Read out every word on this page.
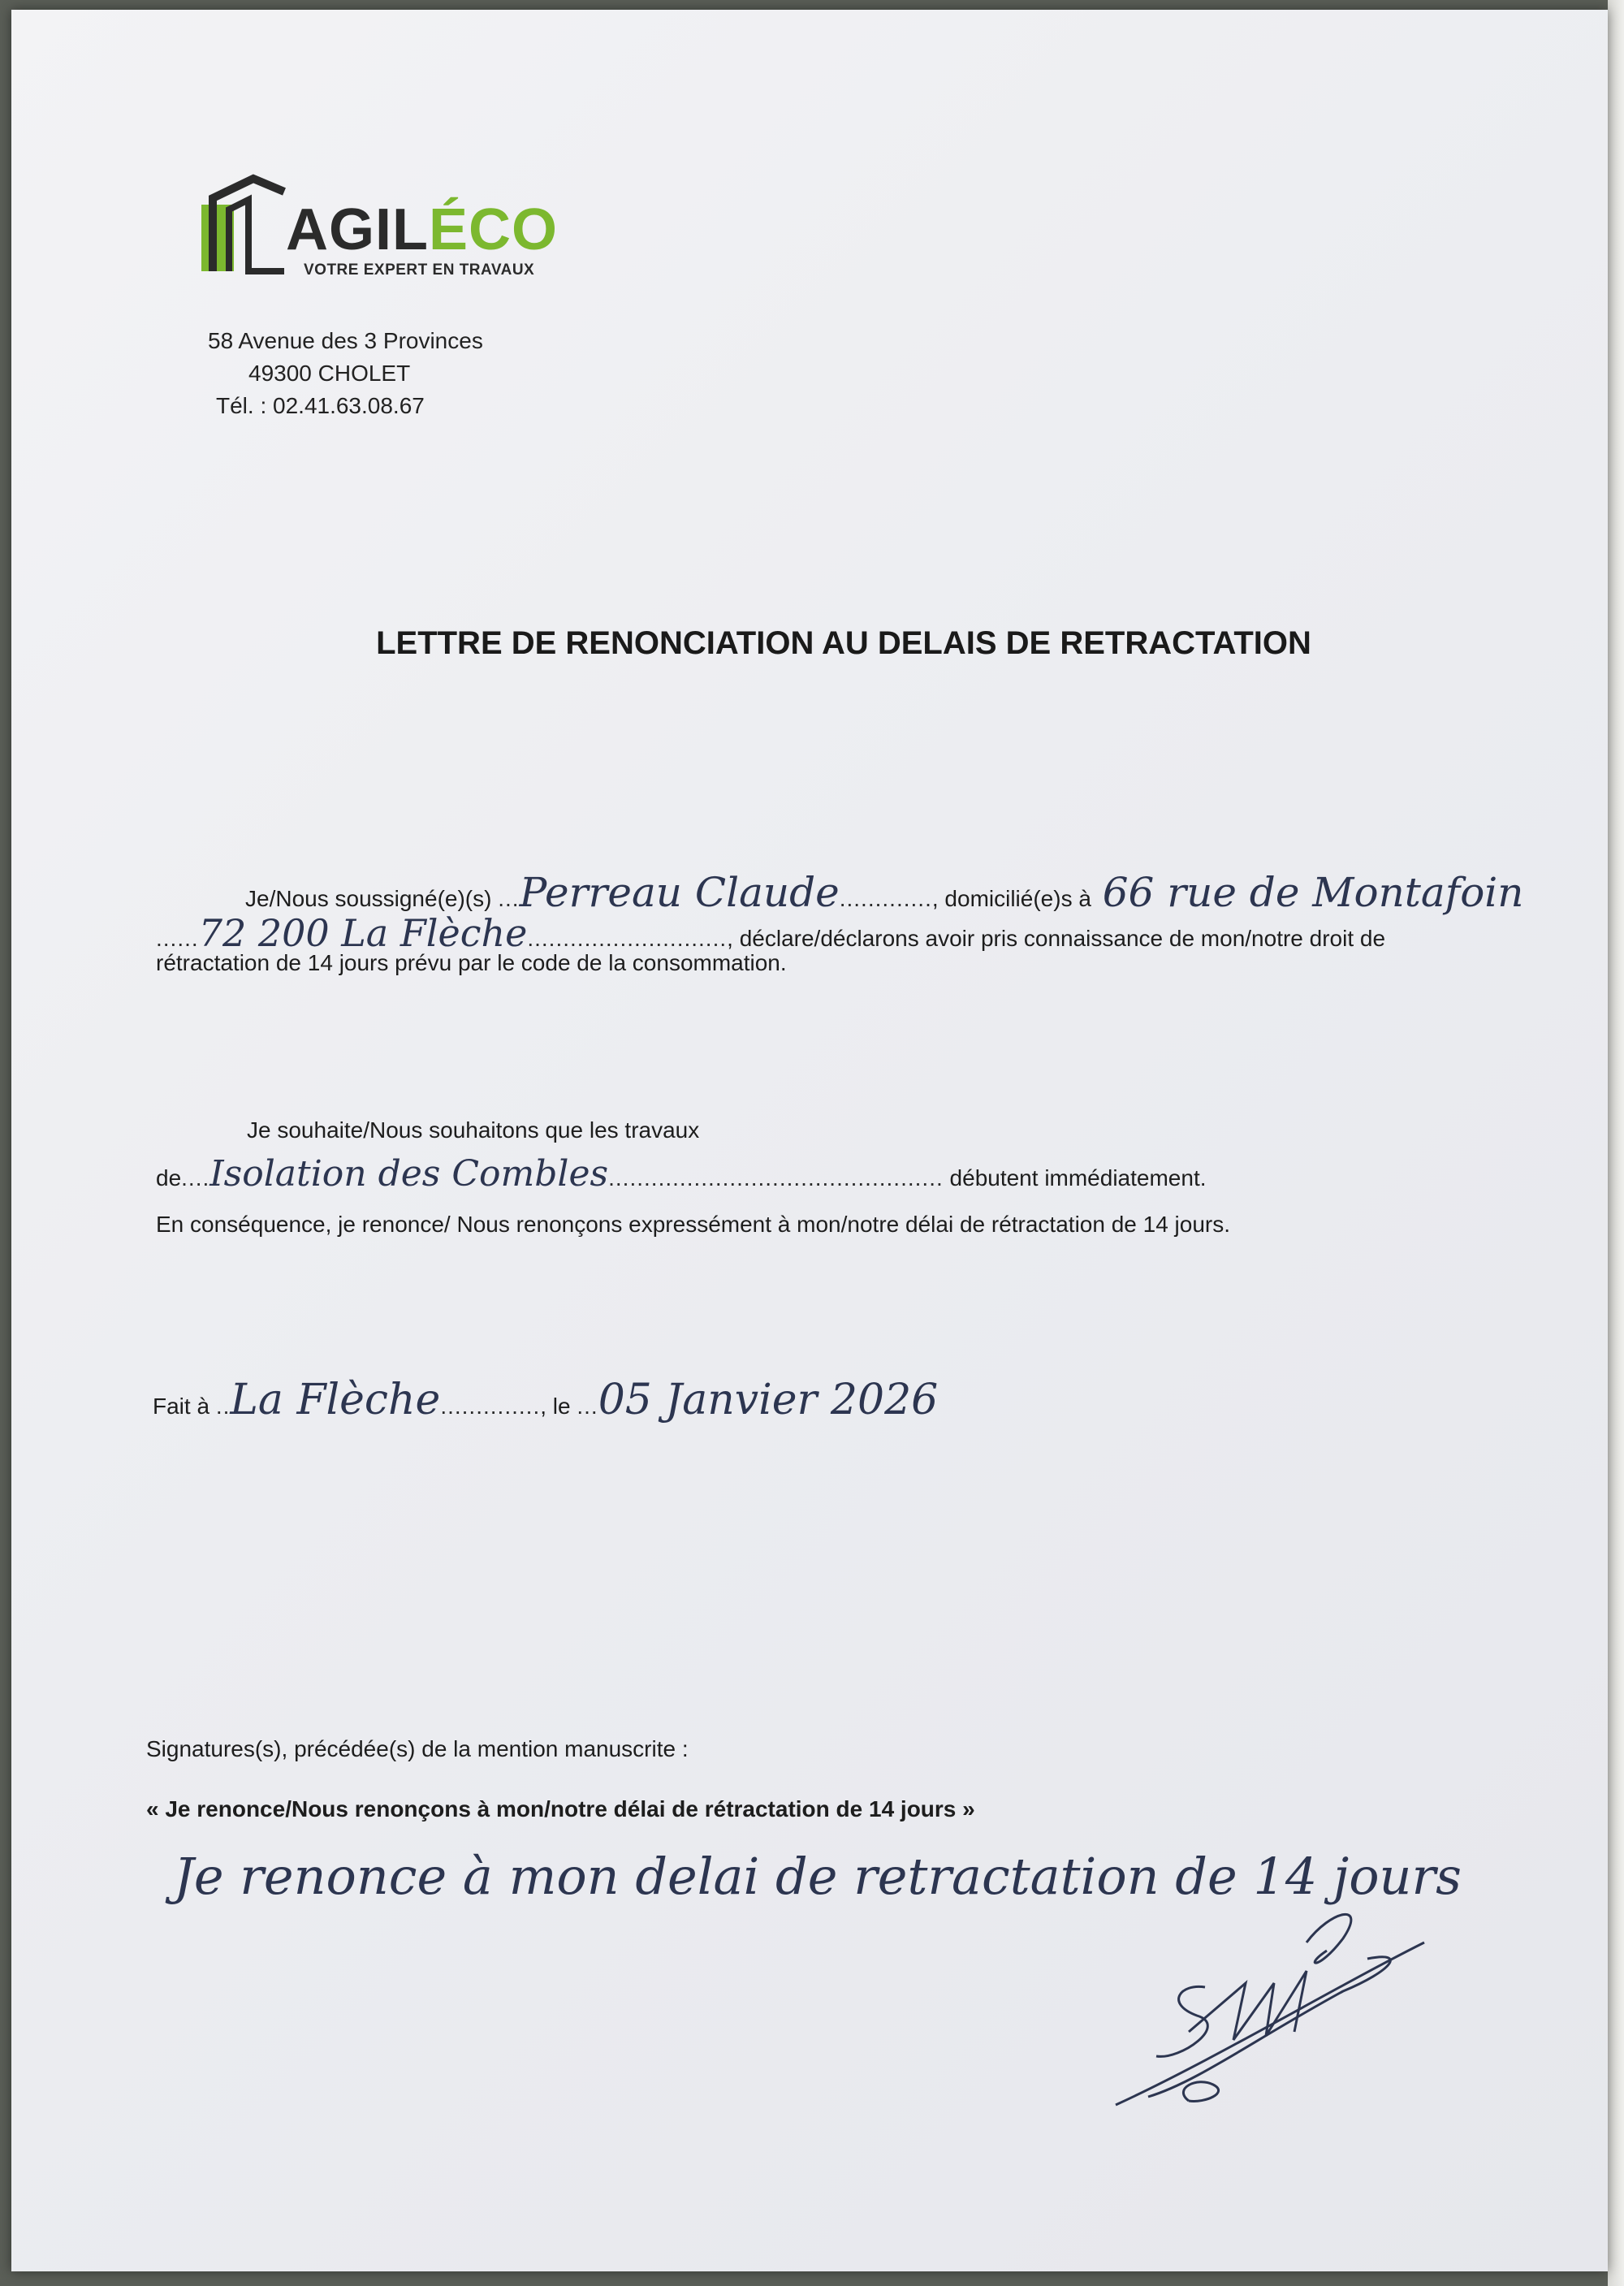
AGILÉCO
VOTRE EXPERT EN TRAVAUX
58 Avenue des 3 Provinces
49300 CHOLET
Tél. : 02.41.63.08.67
LETTRE DE RENONCIATION AU DELAIS DE RETRACTATION
Je/Nous soussigné(e)(s) ...Perreau Claude............., domicilié(e)s à 66 rue de Montafoin
......72 200 La Flèche............................, déclare/déclarons avoir pris connaissance de mon/notre droit de
rétractation de 14 jours prévu par le code de la consommation.
Je souhaite/Nous souhaitons que les travaux
de....Isolation des Combles............................................... débutent immédiatement.
En conséquence, je renonce/ Nous renonçons expressément à mon/notre délai de rétractation de 14 jours.
Fait à ..La Flèche.............., le ...05 Janvier 2026
Signatures(s), précédée(s) de la mention manuscrite :
« Je renonce/Nous renonçons à mon/notre délai de rétractation de 14 jours »
Je renonce à mon delai de retractation de 14 jours
